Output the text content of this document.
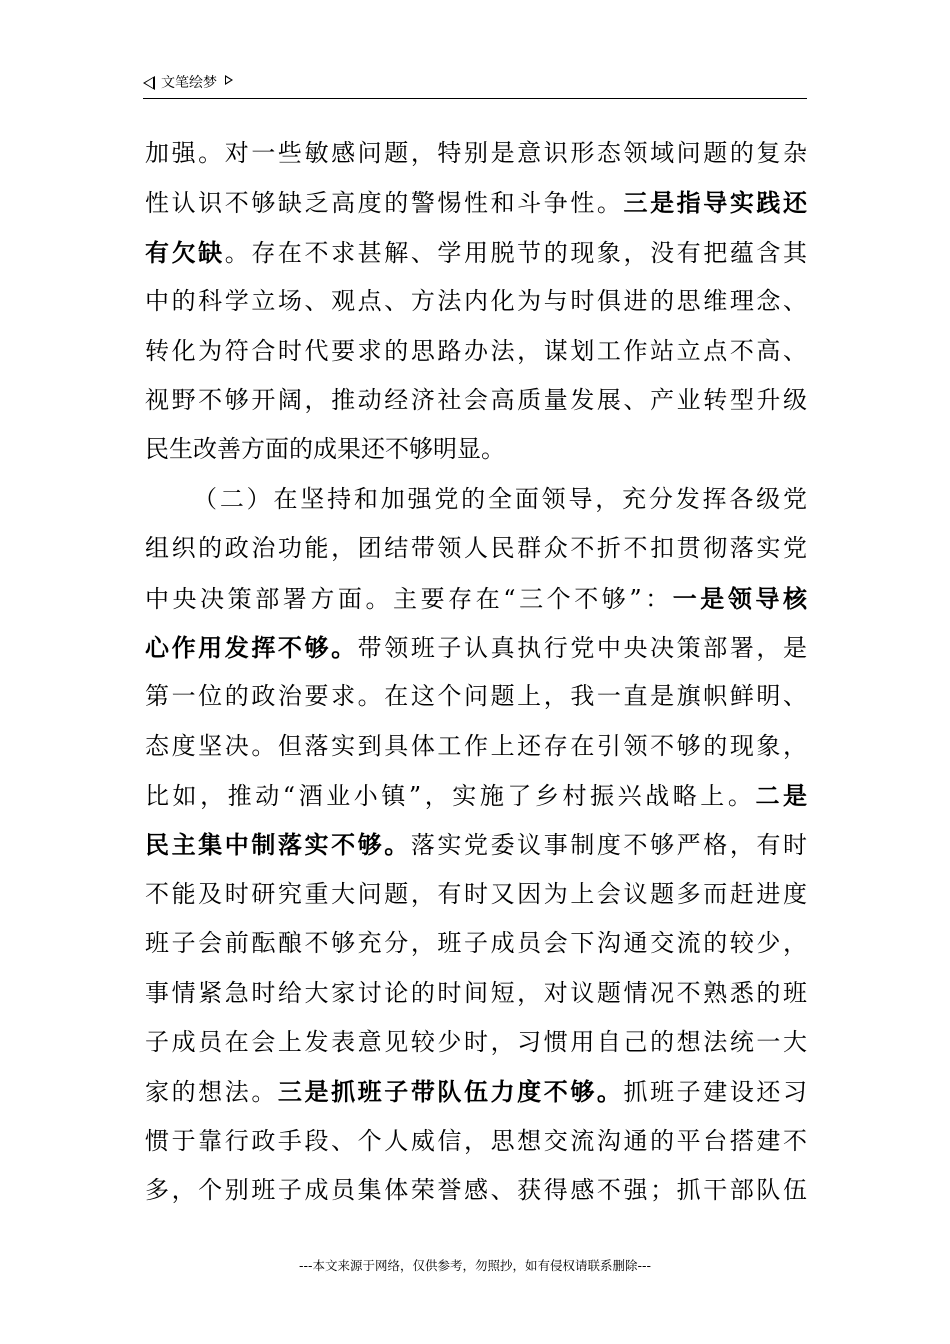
文笔绘梦
加强。对一些敏感问题，特别是意识形态领域问题的复杂
性认识不够缺乏高度的警惕性和斗争性。三是指导实践还
有欠缺。存在不求甚解、学用脱节的现象，没有把蕴含其
中的科学立场、观点、方法内化为与时俱进的思维理念、
转化为符合时代要求的思路办法，谋划工作站立点不高、
视野不够开阔，推动经济社会高质量发展、产业转型升级
民生改善方面的成果还不够明显。
（二）在坚持和加强党的全面领导，充分发挥各级党
组织的政治功能，团结带领人民群众不折不扣贯彻落实党
中央决策部署方面。主要存在“三个不够”：一是领导核
心作用发挥不够。带领班子认真执行党中央决策部署，是
第一位的政治要求。在这个问题上，我一直是旗帜鲜明、
态度坚决。但落实到具体工作上还存在引领不够的现象，
比如，推动“酒业小镇”，实施了乡村振兴战略上。二是
民主集中制落实不够。落实党委议事制度不够严格，有时
不能及时研究重大问题，有时又因为上会议题多而赶进度
班子会前酝酿不够充分，班子成员会下沟通交流的较少，
事情紧急时给大家讨论的时间短，对议题情况不熟悉的班
子成员在会上发表意见较少时，习惯用自己的想法统一大
家的想法。三是抓班子带队伍力度不够。抓班子建设还习
惯于靠行政手段、个人威信，思想交流沟通的平台搭建不
多，个别班子成员集体荣誉感、获得感不强；抓干部队伍
---本文来源于网络，仅供参考，勿照抄，如有侵权请联系删除---
